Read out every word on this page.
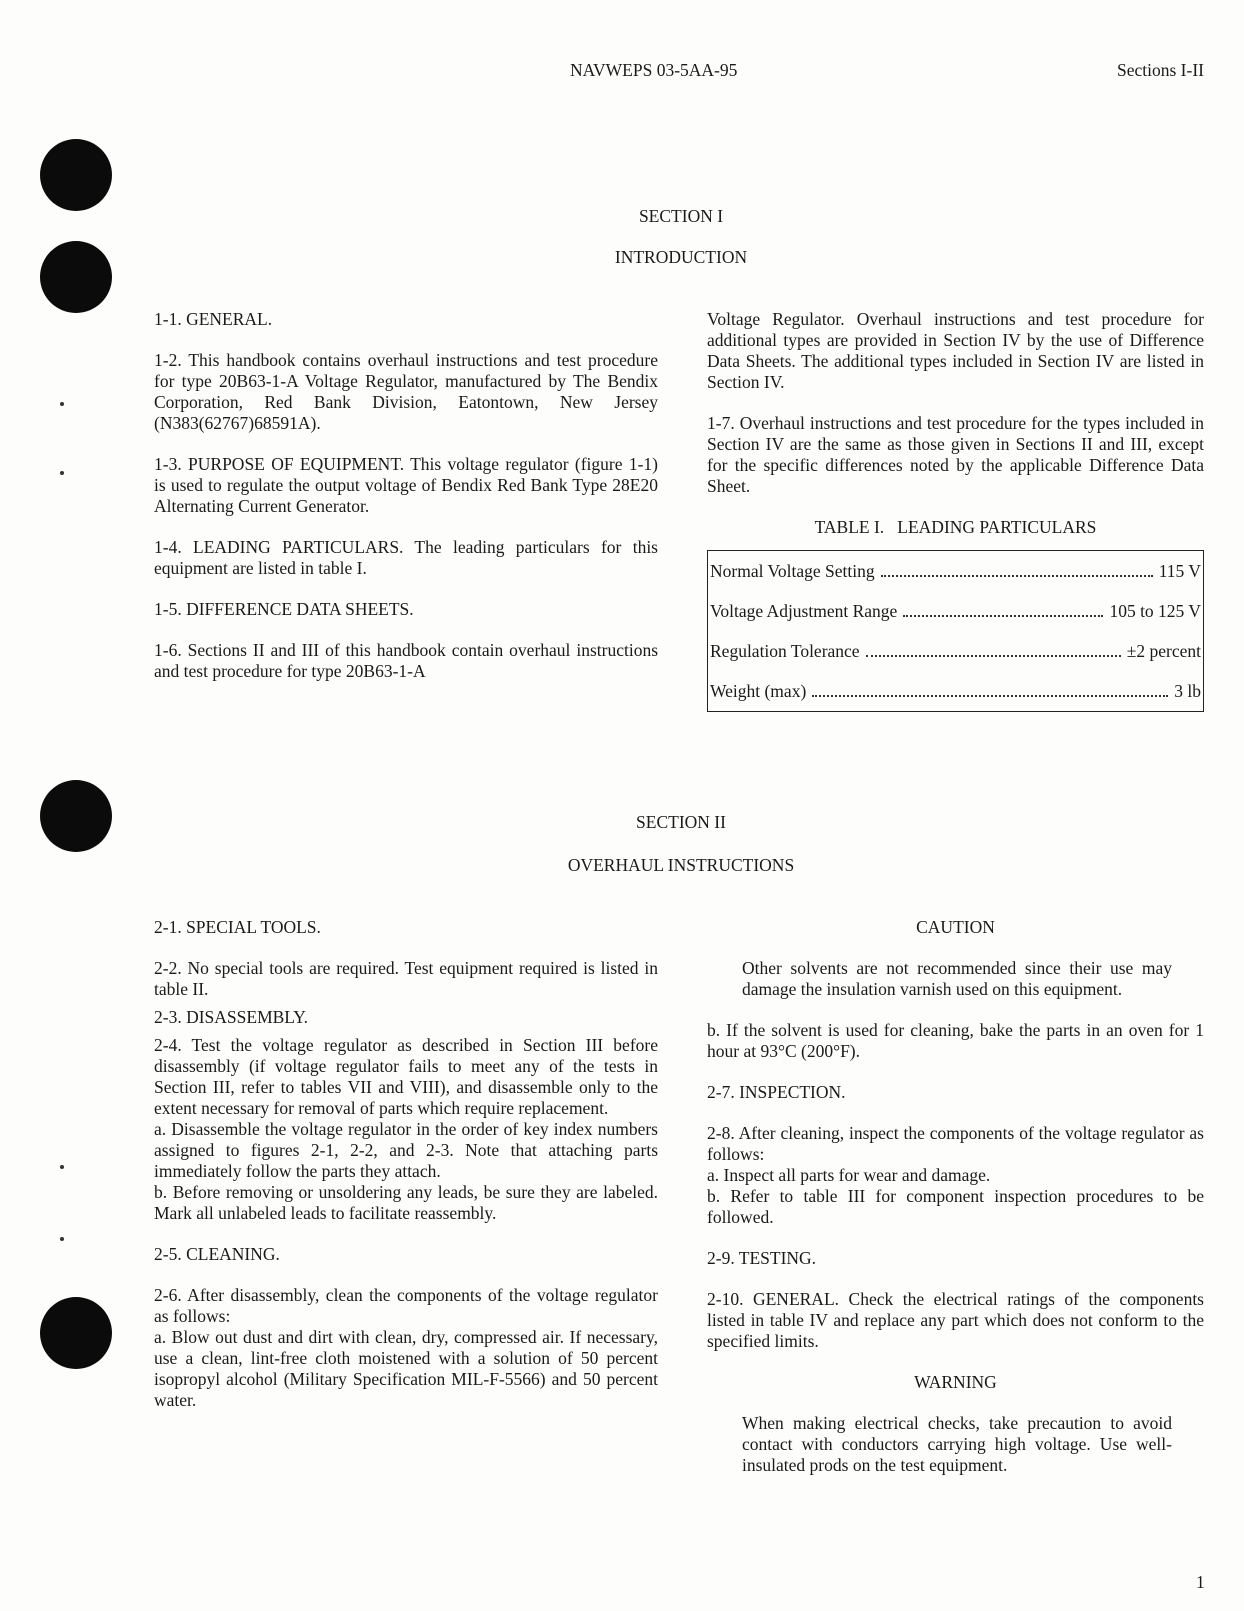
NAVWEPS 03-5AA-95	Sections I-II
SECTION I
INTRODUCTION

1-1. GENERAL.

1-2. This handbook contains overhaul instructions and test procedure for type 20B63-1-A Voltage Regulator, manufactured by The Bendix Corporation, Red Bank Division, Eatontown, New Jersey (N383(62767)68591A).

1-3. PURPOSE OF EQUIPMENT. This voltage regulator (figure 1-1) is used to regulate the output voltage of Bendix Red Bank Type 28E20 Alternating Current Generator.

1-4. LEADING PARTICULARS. The leading particulars for this equipment are listed in table I.

1-5. DIFFERENCE DATA SHEETS.

1-6. Sections II and III of this handbook contain overhaul instructions and test procedure for type 20B63-1-A

Voltage Regulator. Overhaul instructions and test procedure for additional types are provided in Section IV by the use of Difference Data Sheets. The additional types included in Section IV are listed in Section IV.

1-7. Overhaul instructions and test procedure for the types included in Section IV are the same as those given in Sections II and III, except for the specific differences noted by the applicable Difference Data Sheet.

TABLE I.   LEADING PARTICULARS
Normal Voltage Setting	115 V

Voltage Adjustment Range	105 to 125 V

Regulation Tolerance	±2 percent

Weight (max)	3 lb
SECTION II
OVERHAUL INSTRUCTIONS

2-1. SPECIAL TOOLS.

2-2. No special tools are required. Test equipment required is listed in table II.

2-3. DISASSEMBLY.

2-4. Test the voltage regulator as described in Section III before disassembly (if voltage regulator fails to meet any of the tests in Section III, refer to tables VII and VIII), and disassemble only to the extent necessary for removal of parts which require replacement.

a. Disassemble the voltage regulator in the order of key index numbers assigned to figures 2-1, 2-2, and 2-3. Note that attaching parts immediately follow the parts they attach.

b. Before removing or unsoldering any leads, be sure they are labeled. Mark all unlabeled leads to facilitate reassembly.

2-5. CLEANING.

2-6. After disassembly, clean the components of the voltage regulator as follows:

a. Blow out dust and dirt with clean, dry, compressed air. If necessary, use a clean, lint-free cloth moistened with a solution of 50 percent isopropyl alcohol (Military Specification MIL-F-5566) and 50 percent water.

CAUTION

Other solvents are not recommended since their use may damage the insulation varnish used on this equipment.

b. If the solvent is used for cleaning, bake the parts in an oven for 1 hour at 93°C (200°F).

2-7. INSPECTION.

2-8. After cleaning, inspect the components of the voltage regulator as follows:

a. Inspect all parts for wear and damage.

b. Refer to table III for component inspection procedures to be followed.

2-9. TESTING.

2-10. GENERAL. Check the electrical ratings of the components listed in table IV and replace any part which does not conform to the specified limits.

WARNING

When making electrical checks, take precaution to avoid contact with conductors carrying high voltage. Use well-insulated prods on the test equipment.

1
